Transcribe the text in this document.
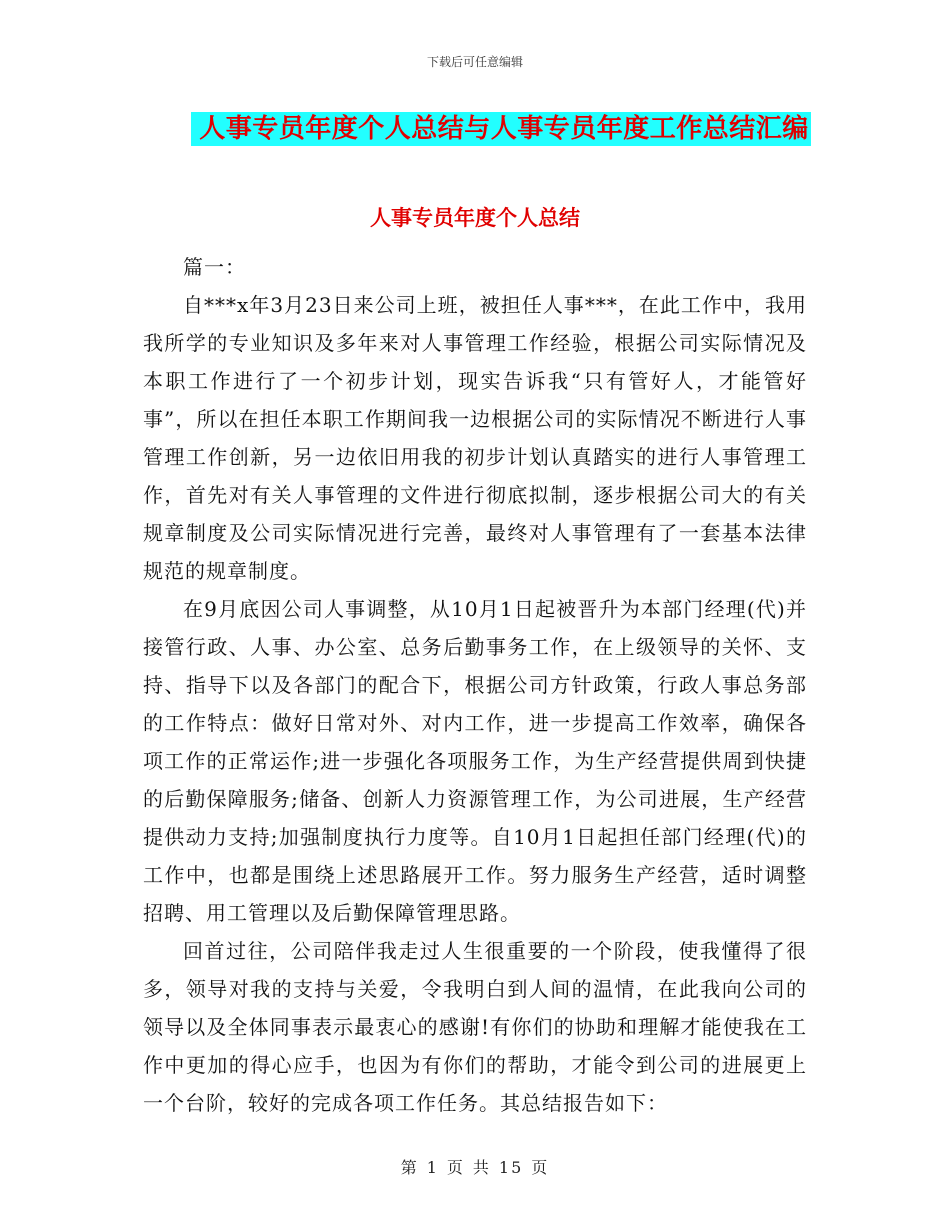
下载后可任意编辑
人事专员年度个人总结与人事专员年度工作总结汇编
人事专员年度个人总结

篇一：

自***x年3月23日来公司上班，被担任人事***，在此工作中，我用我所学的专业知识及多年来对人事管理工作经验，根据公司实际情况及本职工作进行了一个初步计划，现实告诉我“只有管好人，才能管好事”，所以在担任本职工作期间我一边根据公司的实际情况不断进行人事管理工作创新，另一边依旧用我的初步计划认真踏实的进行人事管理工作，首先对有关人事管理的文件进行彻底拟制，逐步根据公司大的有关规章制度及公司实际情况进行完善，最终对人事管理有了一套基本法律规范的规章制度。

在9月底因公司人事调整，从10月1日起被晋升为本部门经理(代)并接管行政、人事、办公室、总务后勤事务工作，在上级领导的关怀、支持、指导下以及各部门的配合下，根据公司方针政策，行政人事总务部的工作特点：做好日常对外、对内工作，进一步提高工作效率，确保各项工作的正常运作;进一步强化各项服务工作，为生产经营提供周到快捷的后勤保障服务;储备、创新人力资源管理工作，为公司进展，生产经营提供动力支持;加强制度执行力度等。自10月1日起担任部门经理(代)的工作中，也都是围绕上述思路展开工作。努力服务生产经营，适时调整招聘、用工管理以及后勤保障管理思路。

回首过往，公司陪伴我走过人生很重要的一个阶段，使我懂得了很多，领导对我的支持与关爱，令我明白到人间的温情，在此我向公司的领导以及全体同事表示最衷心的感谢!有你们的协助和理解才能使我在工作中更加的得心应手，也因为有你们的帮助，才能令到公司的进展更上一个台阶，较好的完成各项工作任务。其总结报告如下：

第 1 页 共 15 页
